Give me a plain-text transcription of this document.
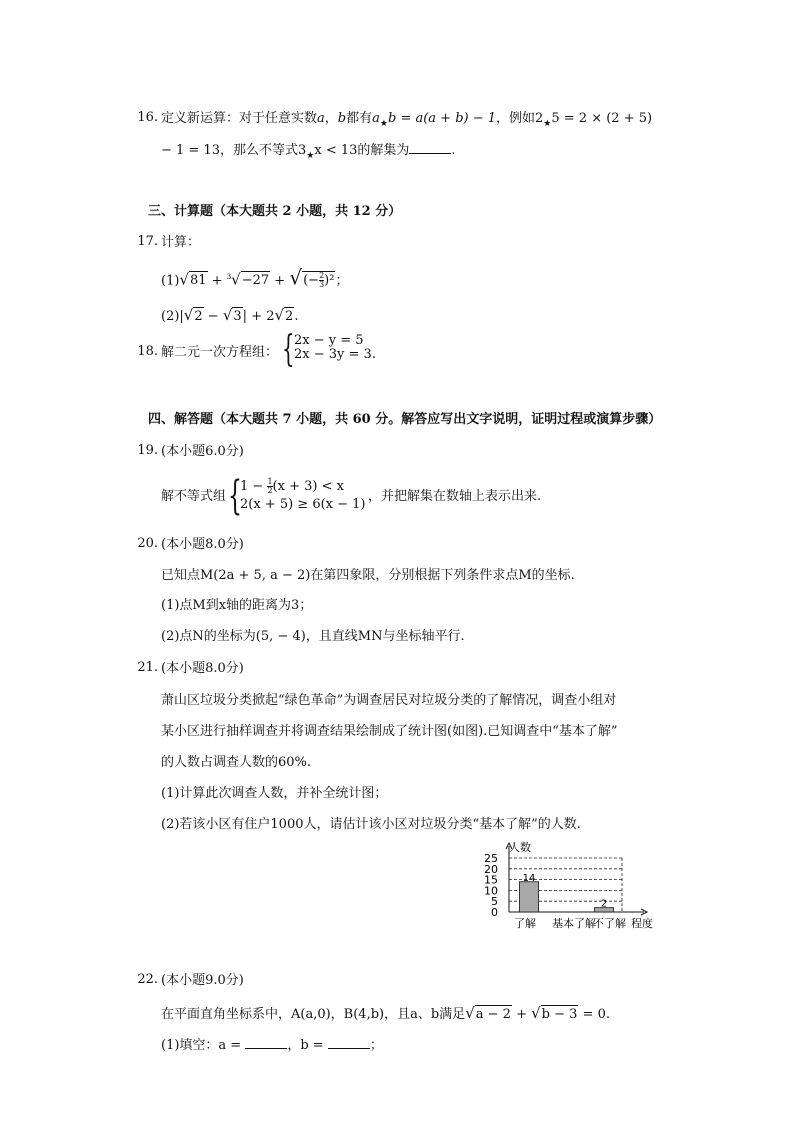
16. 定义新运算：对于任意实数a，b都有$a_★b = a(a + b) - 1$，例如$2_★5 = 2 \times (2 + 5)$
− 1 = 13，那么不等式$3_★x < 13$的解集为	.
三、计算题（本大题共 2 小题，共 12 分）
17. 计算：
(1)√81 + $^3$√−27 + √(− $\frac{2}{3} )^2$；
(2)|√2 − √3| + 2√2.
18. 解二元一次方程组： { 2x − y = 5
2x − 3y = 3.
四、解答题（本大题共 7 小题，共 60 分。解答应写出文字说明，证明过程或演算步骤）
19. (本小题6.0分)
解不等式组 {
$1 - \frac{1}{2} (x + 3) < x$
2(x + 5) ≥ 6(x − 1)
，并把解集在数轴上表示出来.
20. (本小题8.0分)
已知点M(2a + 5, a − 2)在第四象限，分别根据下列条件求点M的坐标.
(1)点M到x轴的距离为3；
(2)点N的坐标为(5, − 4)，且直线MN与坐标轴平行.
21. (本小题8.0分)
萧山区垃圾分类掀起“绿色革命”为调查居民对垃圾分类的了解情况，调查小组对
某小区进行抽样调查并将调查结果绘制成了统计图(如图).已知调查中“基本了解”
的人数占调查人数的60%.
(1)计算此次调查人数，并补全统计图；
(2)若该小区有住户1000人，请估计该小区对垃圾分类“基本了解”的人数.
人数
程度
0
5
10
15
20
25
14
2
了解 基本了解
不了解
22. (本小题9.0分)
在平面直角坐标系中，A(a,0)，B(4,b)，且a、b满足√a − 2 + √b − 3 = 0.
(1)填空：a =	，b =	；
